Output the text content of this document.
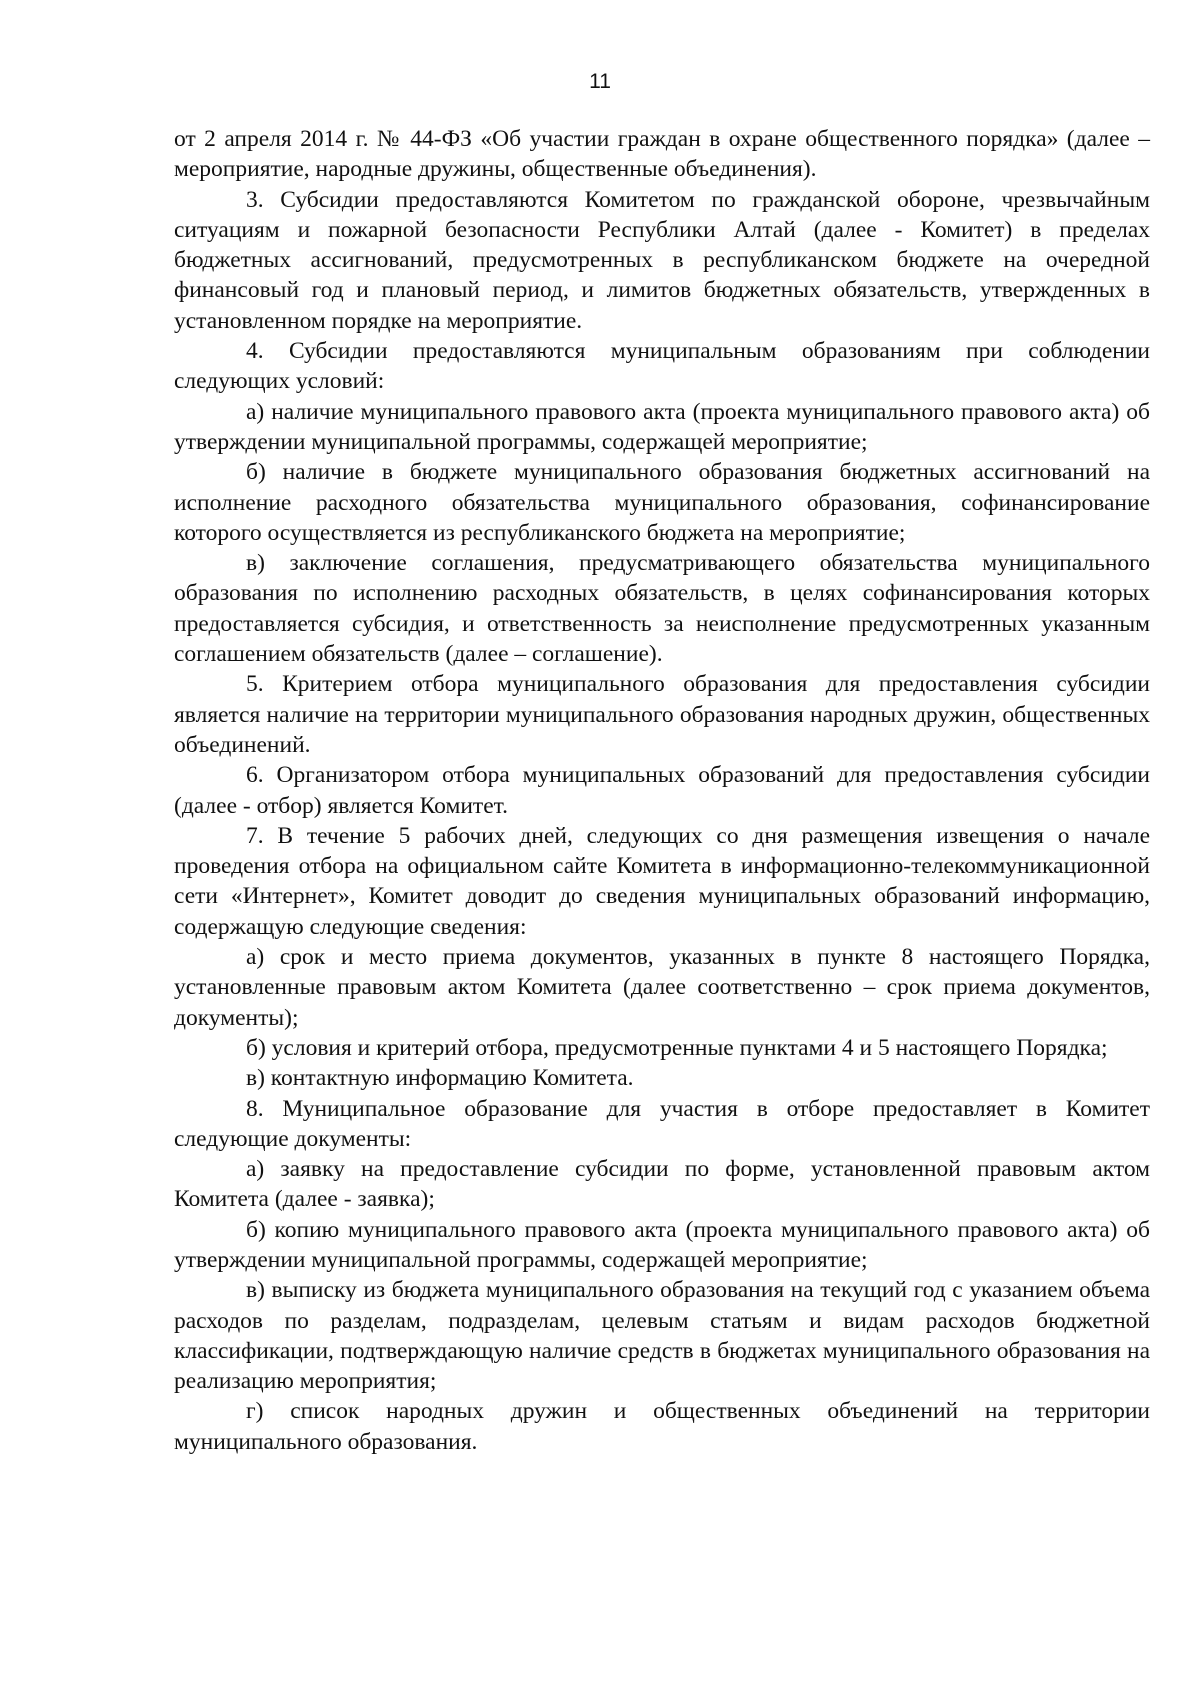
11

от 2 апреля 2014 г. № 44-ФЗ «Об участии граждан в охране общественного порядка» (далее – мероприятие, народные дружины, общественные объединения).

3. Субсидии предоставляются Комитетом по гражданской обороне, чрезвычайным ситуациям и пожарной безопасности Республики Алтай (далее - Комитет) в пределах бюджетных ассигнований, предусмотренных в республиканском бюджете на очередной финансовый год и плановый период, и лимитов бюджетных обязательств, утвержденных в установленном порядке на мероприятие.

4. Субсидии предоставляются муниципальным образованиям при соблюдении следующих условий:

а) наличие муниципального правового акта (проекта муниципального правового акта) об утверждении муниципальной программы, содержащей мероприятие;

б) наличие в бюджете муниципального образования бюджетных ассигнований на исполнение расходного обязательства муниципального образования, софинансирование которого осуществляется из республиканского бюджета на мероприятие;

в) заключение соглашения, предусматривающего обязательства муниципального образования по исполнению расходных обязательств, в целях софинансирования которых предоставляется субсидия, и ответственность за неисполнение предусмотренных указанным соглашением обязательств (далее – соглашение).

5. Критерием отбора муниципального образования для предоставления субсидии является наличие на территории муниципального образования народных дружин, общественных объединений.

6. Организатором отбора муниципальных образований для предоставления субсидии (далее - отбор) является Комитет.

7. В течение 5 рабочих дней, следующих со дня размещения извещения о начале проведения отбора на официальном сайте Комитета в информационно-телекоммуникационной сети «Интернет», Комитет доводит до сведения муниципальных образований информацию, содержащую следующие сведения:

а) срок и место приема документов, указанных в пункте 8 настоящего Порядка, установленные правовым актом Комитета (далее соответственно – срок приема документов, документы);

б) условия и критерий отбора, предусмотренные пунктами 4 и 5 настоящего Порядка;

в) контактную информацию Комитета.

8. Муниципальное образование для участия в отборе предоставляет в Комитет следующие документы:

а) заявку на предоставление субсидии по форме, установленной правовым актом Комитета (далее - заявка);

б) копию муниципального правового акта (проекта муниципального правового акта) об утверждении муниципальной программы, содержащей мероприятие;

в) выписку из бюджета муниципального образования на текущий год с указанием объема расходов по разделам, подразделам, целевым статьям и видам расходов бюджетной классификации, подтверждающую наличие средств в бюджетах муниципального образования на реализацию мероприятия;

г) список народных дружин и общественных объединений на территории муниципального образования.
